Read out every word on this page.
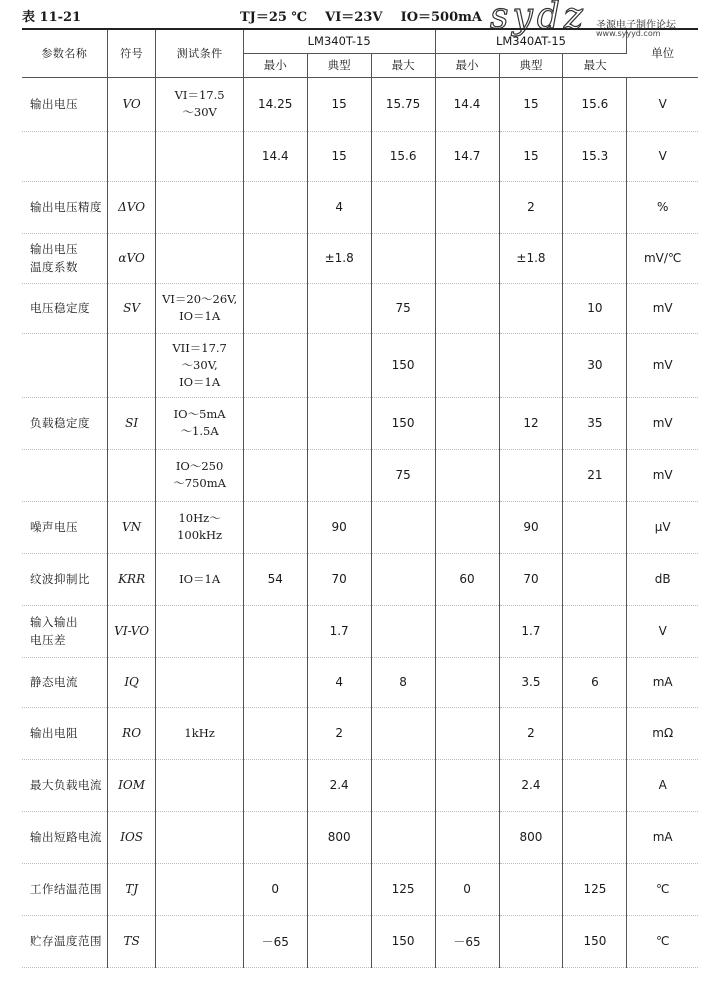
表 11-21	TJ＝25 ℃ VI＝23V IO＝500mA sydz 圣源电子制作论坛
www.syyyd.com
参数名称	符号	测试条件	LM340T-15			LM340AT-15			单位
			最小	典型	最大	最小	典型	最大	

输出电压	VO	VI＝17.5
～30V	14.25	15	15.75	14.4	15	15.6	V

	14.4	15	15.6	14.7	15	15.3	V

输出电压精度	ΔVO			4			2		%

输出电压
温度系数	αVO			±1.8			±1.8		mV/℃

电压稳定度	SV	VI＝20～26V,
IO＝1A			75			10	mV

		VII＝17.7
～30V,
IO＝1A			150			30	mV

负载稳定度	SI	IO～5mA
～1.5A			150		12	35	mV

		IO～250
～750mA			75			21	mV

噪声电压	VN	10Hz～100kHz		90			90		μV

纹波抑制比	KRR	IO＝1A	54	70		60	70		dB

输入输出
电压差	VI-VO			1.7			1.7		V

静态电流	IQ			4	8		3.5	6	mA

输出电阻	RO	1kHz		2			2		mΩ

最大负载电流	IOM			2.4			2.4		A

输出短路电流	IOS			800			800		mA

工作结温范围	TJ		0		125	0		125	℃

贮存温度范围	TS		－65		150	－65		150	℃
